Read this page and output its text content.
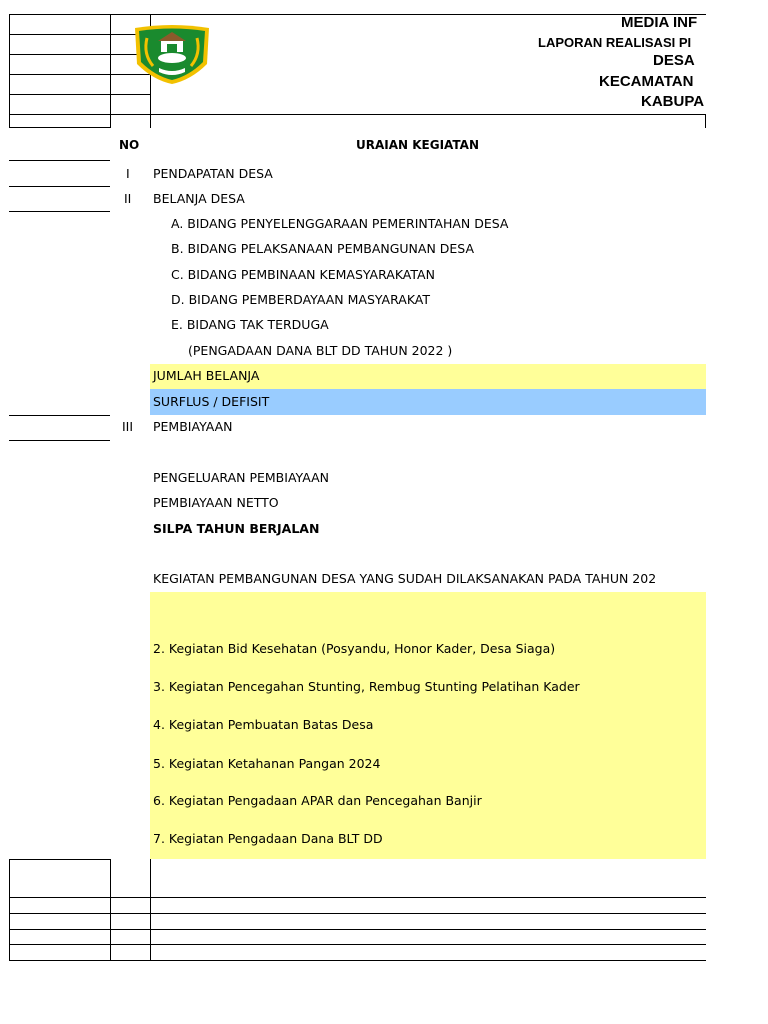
MEDIA INF
LAPORAN REALISASI PI
DESA
KECAMATAN
KABUPA
NO	URAIAN KEGIATAN
I
II
III
PENDAPATAN DESA
BELANJA DESA
A. BIDANG PENYELENGGARAAN PEMERINTAHAN DESA
B. BIDANG PELAKSANAAN PEMBANGUNAN DESA
C. BIDANG PEMBINAAN KEMASYARAKATAN
D. BIDANG PEMBERDAYAAN MASYARAKAT
E. BIDANG TAK TERDUGA
(PENGADAAN DANA BLT DD TAHUN 2022 )
JUMLAH BELANJA
SURFLUS / DEFISIT
PEMBIAYAAN
PENGELUARAN PEMBIAYAAN
PEMBIAYAAN NETTO
SILPA TAHUN BERJALAN
KEGIATAN PEMBANGUNAN DESA YANG SUDAH DILAKSANAKAN PADA TAHUN 202
2. Kegiatan Bid Kesehatan (Posyandu, Honor Kader, Desa Siaga)
3. Kegiatan Pencegahan Stunting, Rembug Stunting Pelatihan Kader
4. Kegiatan Pembuatan Batas Desa
5. Kegiatan Ketahanan Pangan 2024
6. Kegiatan Pengadaan APAR dan Pencegahan Banjir
7. Kegiatan Pengadaan Dana BLT DD
